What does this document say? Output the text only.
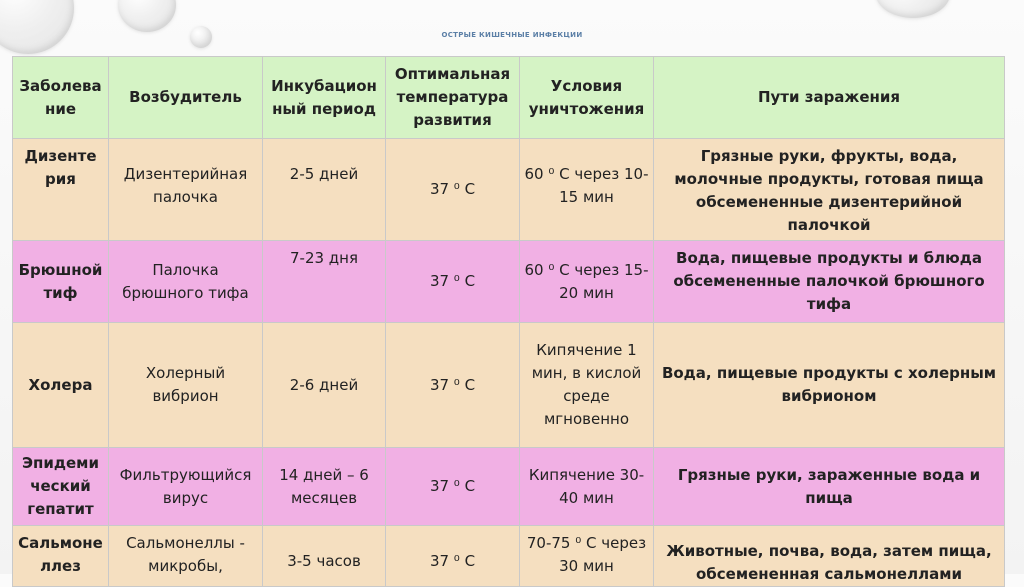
ОСТРЫЕ КИШЕЧНЫЕ ИНФЕКЦИИ
Заболева ние	Возбудитель	Инкубацион ный период	Оптимальная температура развития	Условия уничтожения	Пути заражения
Дизенте рия	Дизентерийная палочка	2-5 дней	37 ⁰ С	60 ⁰ С через 10-15 мин	Грязные руки, фрукты, вода, молочные продукты, готовая пища обсемененные дизентерийной палочкой
Брюшной тиф	Палочка брюшного тифа	7-23 дня	37 ⁰ С	60 ⁰ С через 15-20 мин	Вода, пищевые продукты и блюда обсемененные палочкой брюшного тифа
Холера	Холерный вибрион	2-6 дней	37 ⁰ С	Кипячение 1 мин, в кислой среде мгновенно	Вода, пищевые продукты с холерным вибрионом
Эпидеми ческий гепатит	Фильтрующийся вирус	14 дней – 6 месяцев	37 ⁰ С	Кипячение 30-40 мин	Грязные руки, зараженные вода и пища
Сальмоне ллез	Сальмонеллы - микробы,	3-5 часов	37 ⁰ С	70-75 ⁰ С через 30 мин	Животные, почва, вода, затем пища, обсемененная сальмонеллами
